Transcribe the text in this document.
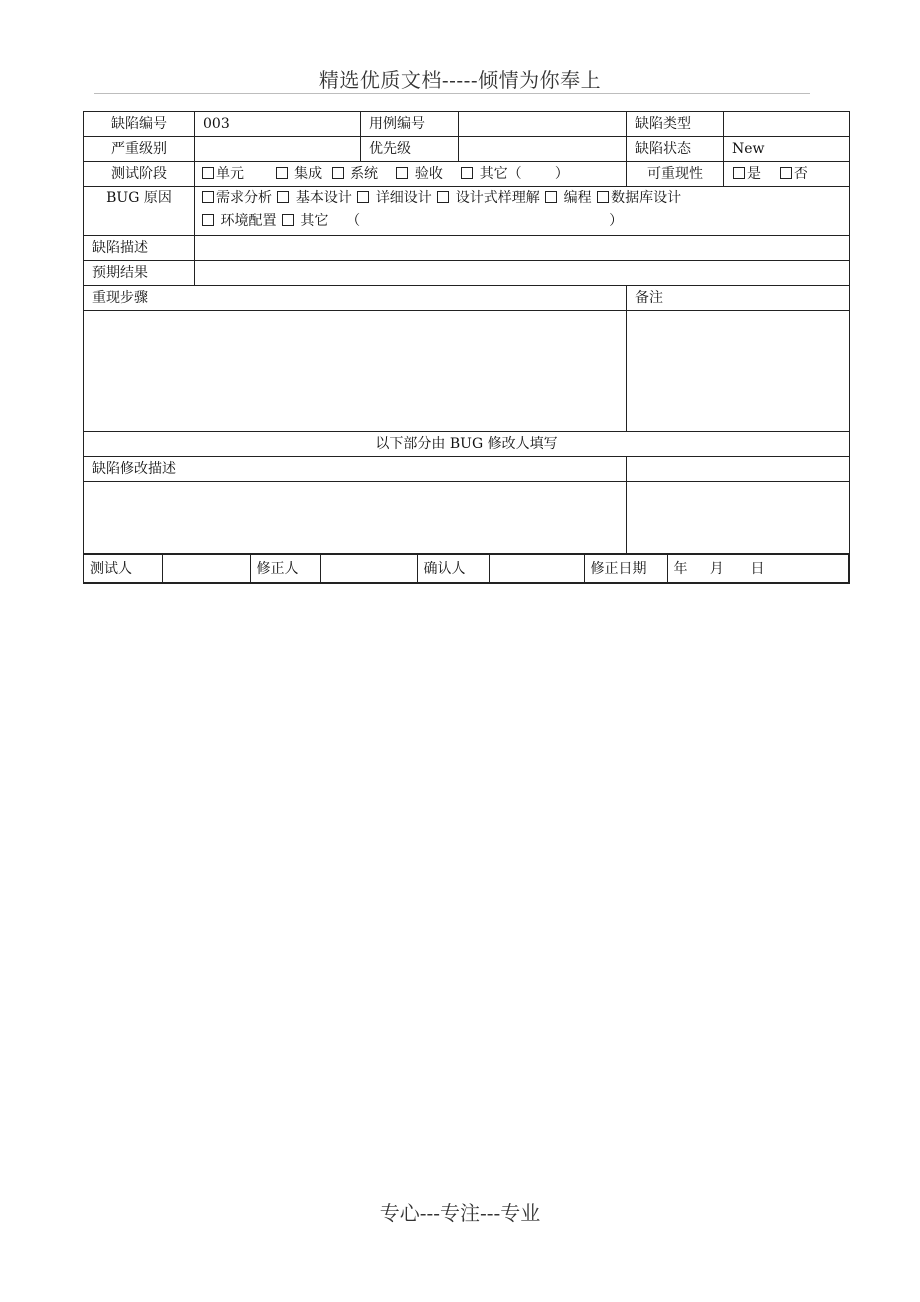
精选优质文档-----倾情为你奉上
缺陷编号	003	用例编号		缺陷类型	
严重级别		优先级		缺陷状态	New
测试阶段	单元	集成 系统	验收	其它（ ）	可重现性	是 否
BUG 原因	需求分析 基本设计 详细设计 设计式样理解 编程 数据库设计
环境配置 其它 （	）

缺陷描述	
预期结果	
重现步骤	备注

以下部分由 BUG 修改人填写
缺陷修改描述	

测试人		修正人		确认人		修正日期	年 月 日
专心---专注---专业
